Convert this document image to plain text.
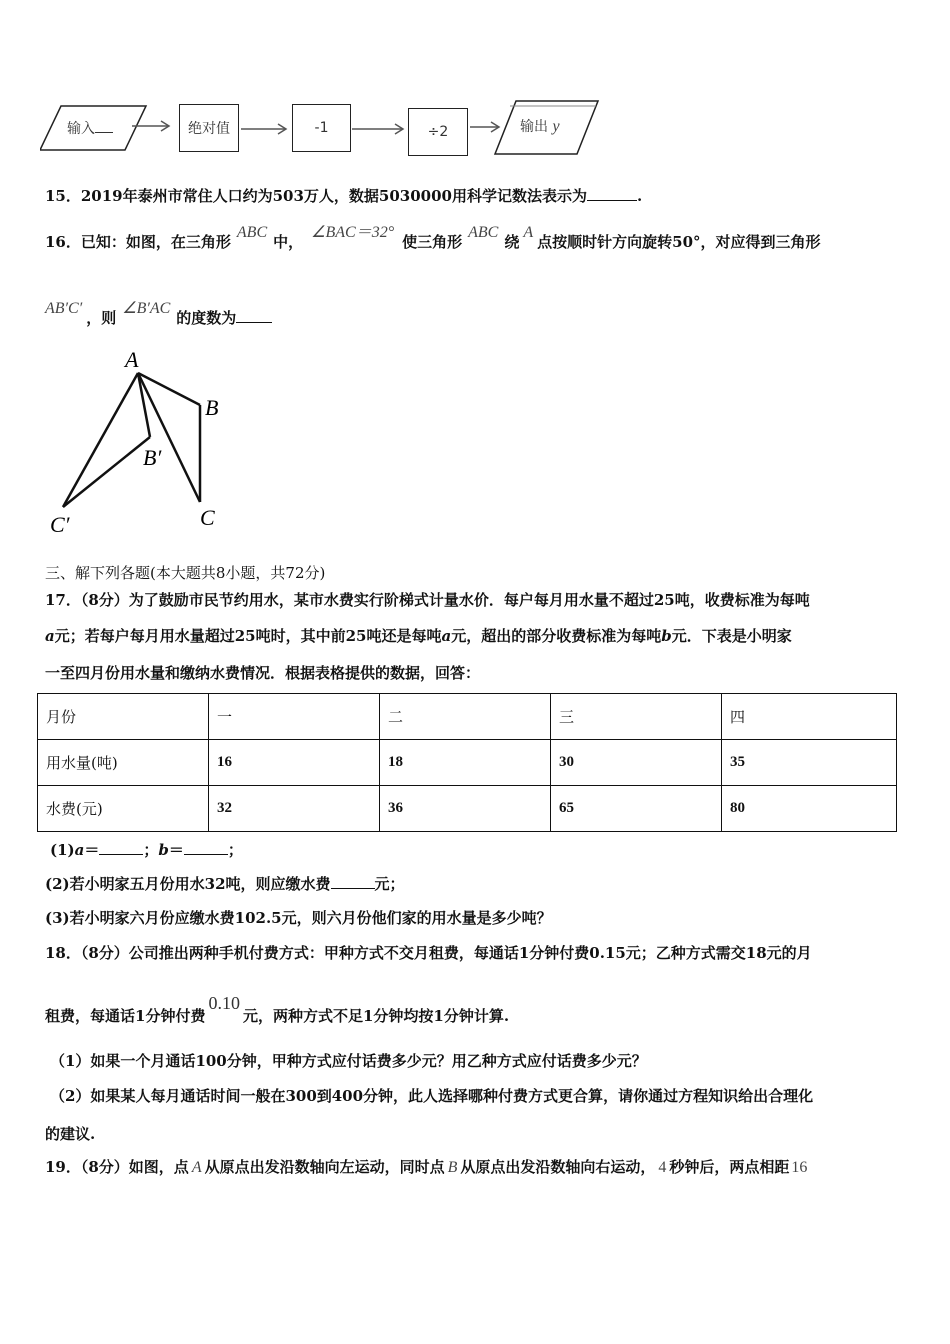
输入	绝对值	-1	÷2	输出 y
15．2019年泰州市常住人口约为503万人，数据5030000用科学记数法表示为	.
16．已知：如图，在三角形ABC中，∠BAC＝32°使三角形ABC绕A点按顺时针方向旋转50°，对应得到三角形
AB′C′，则∠B′AC的度数为
A
B
B′
C
C′
三、解下列各题(本大题共8小题，共72分)
17．（8分）为了鼓励市民节约用水，某市水费实行阶梯式计量水价．每户每月用水量不超过25吨，收费标准为每吨
a元；若每户每月用水量超过25吨时，其中前25吨还是每吨a元，超出的部分收费标准为每吨b元．下表是小明家
一至四月份用水量和缴纳水费情况．根据表格提供的数据，回答：
月份	一	二	三	四
用水量(吨)	16	18	30	35
水费(元)	32	36	65	80
(1)a＝	；b＝	；
(2)若小明家五月份用水32吨，则应缴水费	元；
(3)若小明家六月份应缴水费102.5元，则六月份他们家的用水量是多少吨？
18．（8分）公司推出两种手机付费方式：甲种方式不交月租费，每通话1分钟付费0.15元；乙种方式需交18元的月
租费，每通话1分钟付费0.10元，两种方式不足1分钟均按1分钟计算.
（1）如果一个月通话100分钟，甲种方式应付话费多少元？用乙种方式应付话费多少元？
（2）如果某人每月通话时间一般在300到400分钟，此人选择哪种付费方式更合算，请你通过方程知识给出合理化
的建议.
19．（8分）如图，点 A 从原点出发沿数轴向左运动，同时点 B 从原点出发沿数轴向右运动， 4 秒钟后，两点相距 16
